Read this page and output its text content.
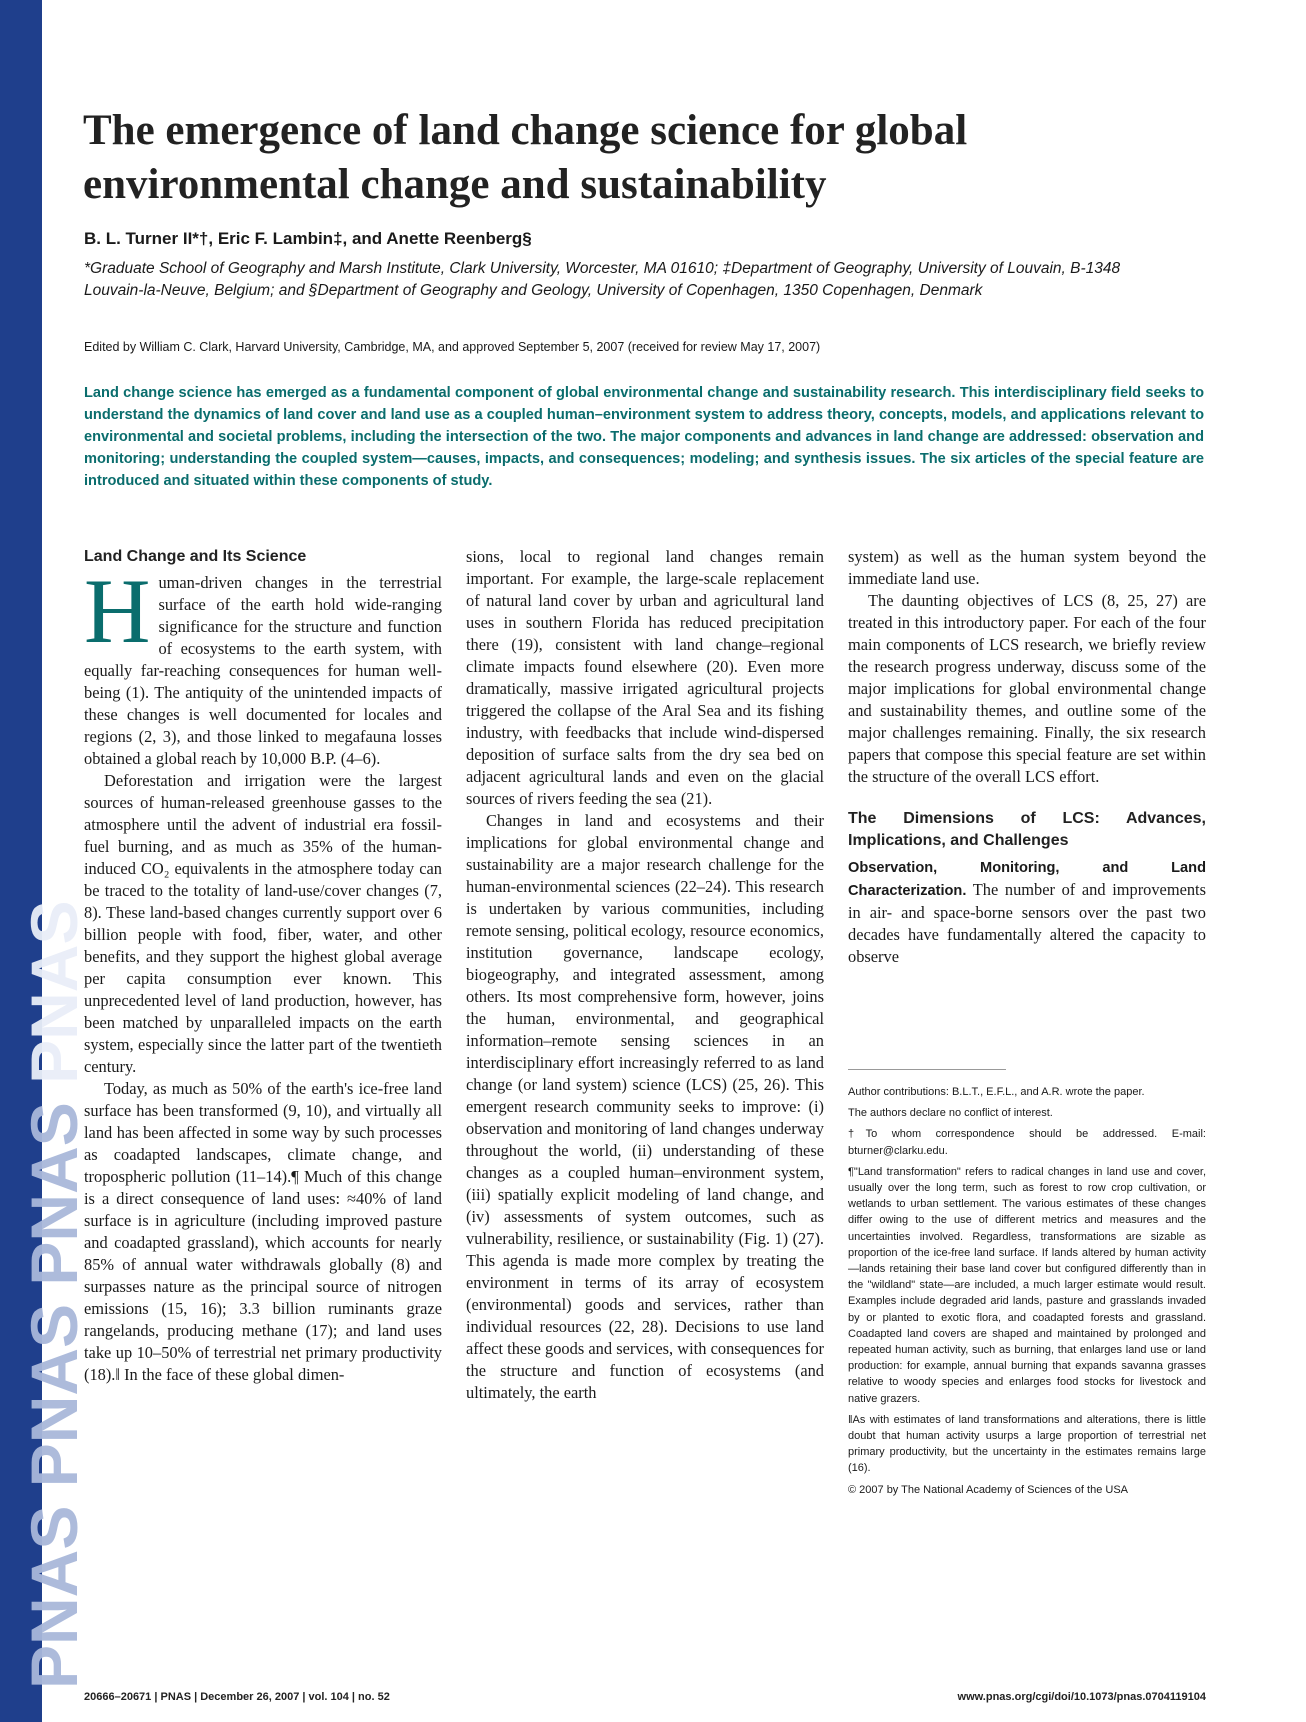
PNAS PNAS PNAS PNAS
The emergence of land change science for global environmental change and sustainability

B. L. Turner II*†, Eric F. Lambin‡, and Anette Reenberg§

*Graduate School of Geography and Marsh Institute, Clark University, Worcester, MA 01610; ‡Department of Geography, University of Louvain, B-1348 Louvain-la-Neuve, Belgium; and §Department of Geography and Geology, University of Copenhagen, 1350 Copenhagen, Denmark

Edited by William C. Clark, Harvard University, Cambridge, MA, and approved September 5, 2007 (received for review May 17, 2007)

Land change science has emerged as a fundamental component of global environmental change and sustainability research. This interdisciplinary field seeks to understand the dynamics of land cover and land use as a coupled human–environment system to address theory, concepts, models, and applications relevant to environmental and societal problems, including the intersection of the two. The major components and advances in land change are addressed: observation and monitoring; understanding the coupled system—causes, impacts, and consequences; modeling; and synthesis issues. The six articles of the special feature are introduced and situated within these components of study.

Land Change and Its Science

Human-driven changes in the terrestrial surface of the earth hold wide-ranging significance for the structure and function of ecosystems to the earth system, with equally far-reaching consequences for human well-being (1). The antiquity of the unintended impacts of these changes is well documented for locales and regions (2, 3), and those linked to megafauna losses obtained a global reach by 10,000 B.P. (4–6).

Deforestation and irrigation were the largest sources of human-released greenhouse gasses to the atmosphere until the advent of industrial era fossil-fuel burning, and as much as 35% of the human-induced CO₂ equivalents in the atmosphere today can be traced to the totality of land-use/cover changes (7, 8). These land-based changes currently support over 6 billion people with food, fiber, water, and other benefits, and they support the highest global average per capita consumption ever known. This unprecedented level of land production, however, has been matched by unparalleled impacts on the earth system, especially since the latter part of the twentieth century.

Today, as much as 50% of the earth's ice-free land surface has been transformed (9, 10), and virtually all land has been affected in some way by such processes as coadapted landscapes, climate change, and tropospheric pollution (11–14).¶ Much of this change is a direct consequence of land uses: ≈40% of land surface is in agriculture (including improved pasture and coadapted grassland), which accounts for nearly 85% of annual water withdrawals globally (8) and surpasses nature as the principal source of nitrogen emissions (15, 16); 3.3 billion ruminants graze rangelands, producing methane (17); and land uses take up 10–50% of terrestrial net primary productivity (18).‖ In the face of these global dimen-

sions, local to regional land changes remain important. For example, the large-scale replacement of natural land cover by urban and agricultural land uses in southern Florida has reduced precipitation there (19), consistent with land change–regional climate impacts found elsewhere (20). Even more dramatically, massive irrigated agricultural projects triggered the collapse of the Aral Sea and its fishing industry, with feedbacks that include wind-dispersed deposition of surface salts from the dry sea bed on adjacent agricultural lands and even on the glacial sources of rivers feeding the sea (21).

Changes in land and ecosystems and their implications for global environmental change and sustainability are a major research challenge for the human-environmental sciences (22–24). This research is undertaken by various communities, including remote sensing, political ecology, resource economics, institution governance, landscape ecology, biogeography, and integrated assessment, among others. Its most comprehensive form, however, joins the human, environmental, and geographical information–remote sensing sciences in an interdisciplinary effort increasingly referred to as land change (or land system) science (LCS) (25, 26). This emergent research community seeks to improve: (i) observation and monitoring of land changes underway throughout the world, (ii) understanding of these changes as a coupled human–environment system, (iii) spatially explicit modeling of land change, and (iv) assessments of system outcomes, such as vulnerability, resilience, or sustainability (Fig. 1) (27). This agenda is made more complex by treating the environment in terms of its array of ecosystem (environmental) goods and services, rather than individual resources (22, 28). Decisions to use land affect these goods and services, with consequences for the structure and function of ecosystems (and ultimately, the earth

system) as well as the human system beyond the immediate land use.

The daunting objectives of LCS (8, 25, 27) are treated in this introductory paper. For each of the four main components of LCS research, we briefly review the research progress underway, discuss some of the major implications for global environmental change and sustainability themes, and outline some of the major challenges remaining. Finally, the six research papers that compose this special feature are set within the structure of the overall LCS effort.

The Dimensions of LCS: Advances, Implications, and Challenges

Observation, Monitoring, and Land Characterization. The number of and improvements in air- and space-borne sensors over the past two decades have fundamentally altered the capacity to observe

Author contributions: B.L.T., E.F.L., and A.R. wrote the paper.

The authors declare no conflict of interest.

†To whom correspondence should be addressed. E-mail: bturner@clarku.edu.

¶"Land transformation" refers to radical changes in land use and cover, usually over the long term, such as forest to row crop cultivation, or wetlands to urban settlement. The various estimates of these changes differ owing to the use of different metrics and measures and the uncertainties involved. Regardless, transformations are sizable as proportion of the ice-free land surface. If lands altered by human activity—lands retaining their base land cover but configured differently than in the "wildland" state—are included, a much larger estimate would result. Examples include degraded arid lands, pasture and grasslands invaded by or planted to exotic flora, and coadapted forests and grassland. Coadapted land covers are shaped and maintained by prolonged and repeated human activity, such as burning, that enlarges land use or land production: for example, annual burning that expands savanna grasses relative to woody species and enlarges food stocks for livestock and native grazers.

‖As with estimates of land transformations and alterations, there is little doubt that human activity usurps a large proportion of terrestrial net primary productivity, but the uncertainty in the estimates remains large (16).

© 2007 by The National Academy of Sciences of the USA

20666–20671 | PNAS | December 26, 2007 | vol. 104 | no. 52	www.pnas.org/cgi/doi/10.1073/pnas.0704119104
